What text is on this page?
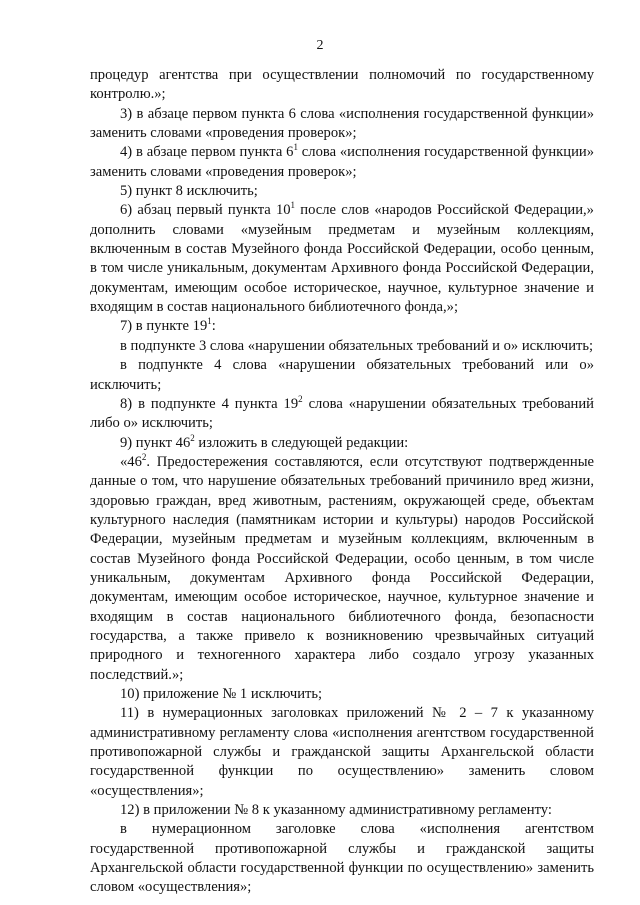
2

процедур агентства при осуществлении полномочий по государственному контролю.»;

3) в абзаце первом пункта 6 слова «исполнения государственной функции» заменить словами «проведения проверок»;

4) в абзаце первом пункта $6^1$ слова «исполнения государственной функции» заменить словами «проведения проверок»;

5) пункт 8 исключить;

6) абзац первый пункта $10^1$ после слов «народов Российской Федерации,» дополнить словами «музейным предметам и музейным коллекциям, включенным в состав Музейного фонда Российской Федерации, особо ценным, в том числе уникальным, документам Архивного фонда Российской Федерации, документам, имеющим особое историческое, научное, культурное значение и входящим в состав национального библиотечного фонда,»;

7) в пункте $19^1$:

в подпункте 3 слова «нарушении обязательных требований и о» исключить;

в подпункте 4 слова «нарушении обязательных требований или о» исключить;

8) в подпункте 4 пункта $19^2$ слова «нарушении обязательных требований либо о» исключить;

9) пункт $46^2$ изложить в следующей редакции:

«$46^2$. Предостережения составляются, если отсутствуют подтвержденные данные о том, что нарушение обязательных требований причинило вред жизни, здоровью граждан, вред животным, растениям, окружающей среде, объектам культурного наследия (памятникам истории и культуры) народов Российской Федерации, музейным предметам и музейным коллекциям, включенным в состав Музейного фонда Российской Федерации, особо ценным, в том числе уникальным, документам Архивного фонда Российской Федерации, документам, имеющим особое историческое, научное, культурное значение и входящим в состав национального библиотечного фонда, безопасности государства, а также привело к возникновению чрезвычайных ситуаций природного и техногенного характера либо создало угрозу указанных последствий.»;

10) приложение № 1 исключить;

11) в нумерационных заголовках приложений № 2 – 7 к указанному административному регламенту слова «исполнения агентством государственной противопожарной службы и гражданской защиты Архангельской области государственной функции по осуществлению» заменить словом «осуществления»;

12) в приложении № 8 к указанному административному регламенту:

в нумерационном заголовке слова «исполнения агентством государственной противопожарной службы и гражданской защиты Архангельской области государственной функции по осуществлению» заменить словом «осуществления»;
